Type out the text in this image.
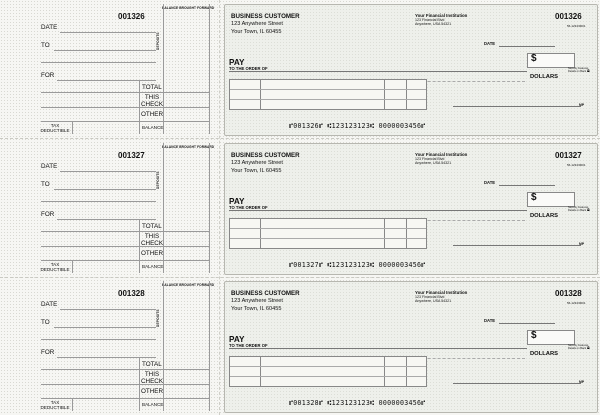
001326
BALANCE BROUGHT FORWARD
DEPOSITS
DATE
TO
FOR
TOTAL
THIS
CHECK
OTHER
TAX
DEDUCTIBLE
BALANCE
BUSINESS CUSTOMER
123 Anywhere Street
Your Town, IL 60455
Your Financial Institution
123 Financial Blvd
Anywhere, USA 54321
001326
56-1234/0001
DATE
PAY
TO THE ORDER OF
$
DOLLARS
Security Features Details on Back 🔒︎
MP
⑈001326⑈ ⑆123123123⑆ 0000003456⑈
001327
BALANCE BROUGHT FORWARD
DEPOSITS
DATE
TO
FOR
TOTAL
THIS
CHECK
OTHER
TAX
DEDUCTIBLE
BALANCE
BUSINESS CUSTOMER
123 Anywhere Street
Your Town, IL 60455
Your Financial Institution
123 Financial Blvd
Anywhere, USA 54321
001327
56-1234/0001
DATE
PAY
TO THE ORDER OF
$
DOLLARS
Security Features Details on Back 🔒︎
MP
⑈001327⑈ ⑆123123123⑆ 0000003456⑈
001328
BALANCE BROUGHT FORWARD
DEPOSITS
DATE
TO
FOR
TOTAL
THIS
CHECK
OTHER
TAX
DEDUCTIBLE
BALANCE
BUSINESS CUSTOMER
123 Anywhere Street
Your Town, IL 60455
Your Financial Institution
123 Financial Blvd
Anywhere, USA 54321
001328
56-1234/0001
DATE
PAY
TO THE ORDER OF
$
DOLLARS
Security Features Details on Back 🔒︎
MP
⑈001328⑈ ⑆123123123⑆ 0000003456⑈
